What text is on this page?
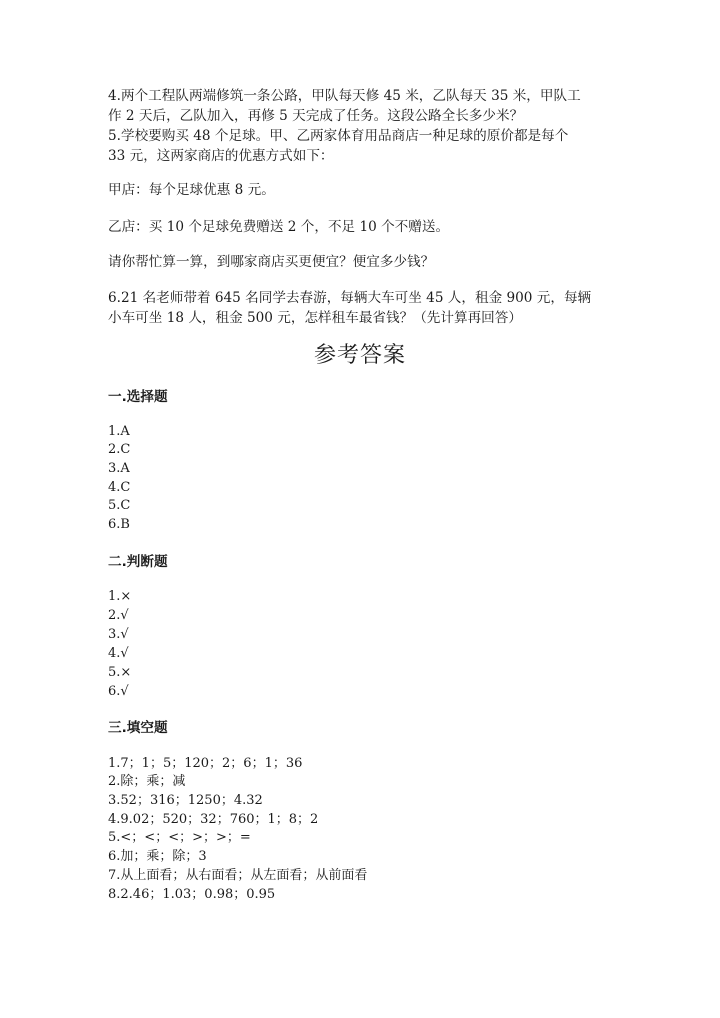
4.两个工程队两端修筑一条公路，甲队每天修 45 米，乙队每天 35 米，甲队工
作 2 天后，乙队加入，再修 5 天完成了任务。这段公路全长多少米？
5.学校要购买 48 个足球。甲、乙两家体育用品商店一种足球的原价都是每个
33 元，这两家商店的优惠方式如下：
甲店：每个足球优惠 8 元。
乙店：买 10 个足球免费赠送 2 个，不足 10 个不赠送。
请你帮忙算一算，到哪家商店买更便宜？便宜多少钱？
6.21 名老师带着 645 名同学去春游，每辆大车可坐 45 人，租金 900 元，每辆
小车可坐 18 人，租金 500 元，怎样租车最省钱？（先计算再回答）
参考答案
一.选择题
1.A
2.C
3.A
4.C
5.C
6.B
二.判断题
1.×
2.√
3.√
4.√
5.×
6.√
三.填空题
1.7；1；5；120；2；6；1；36
2.除；乘；减
3.52；316；1250；4.32
4.9.02；520；32；760；1；8；2
5.<；<；<；>；>；=
6.加；乘；除；3
7.从上面看；从右面看；从左面看；从前面看
8.2.46；1.03；0.98；0.95
